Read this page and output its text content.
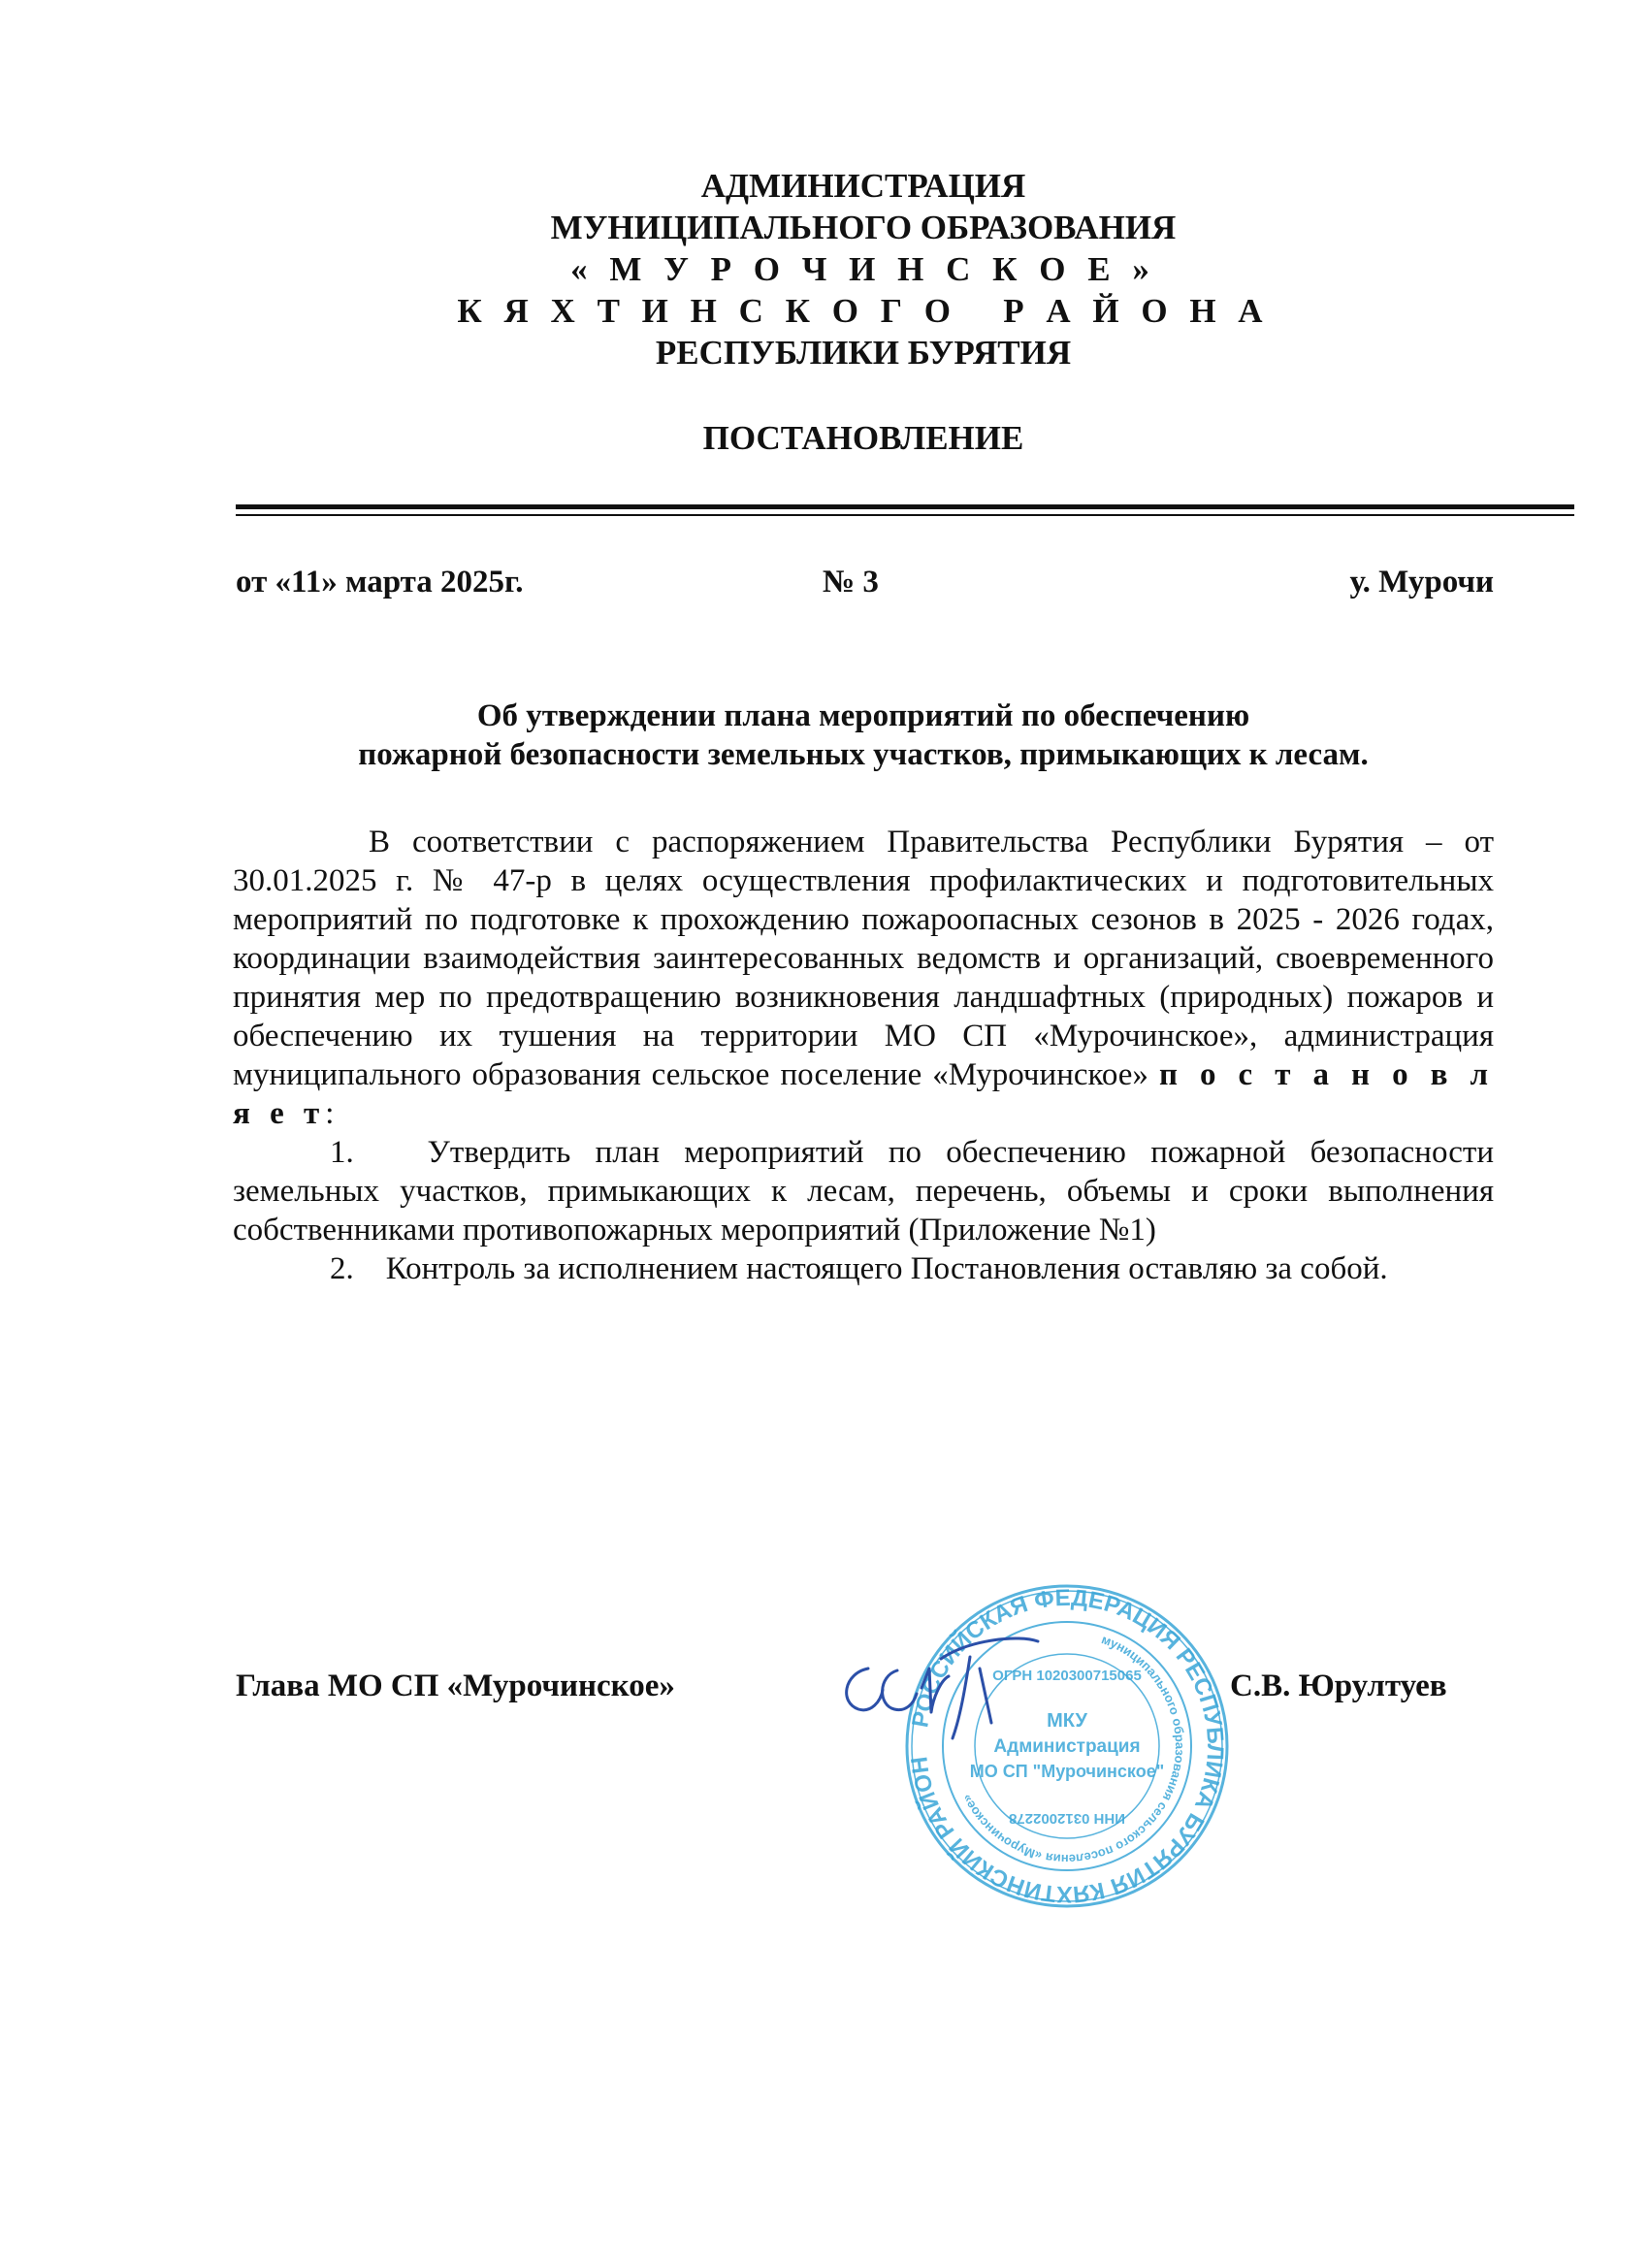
АДМИНИСТРАЦИЯ
МУНИЦИПАЛЬНОГО ОБРАЗОВАНИЯ
« М У Р О Ч И Н С К О Е »
К Я Х Т И Н С К О Г О   Р А Й О Н А
РЕСПУБЛИКИ БУРЯТИЯ
ПОСТАНОВЛЕНИЕ
от «11» марта 2025г.	№ 3	у. Мурочи
Об утверждении плана мероприятий по обеспечению
пожарной безопасности земельных участков, примыкающих к лесам.

В соответствии с распоряжением Правительства Республики Бурятия – от 30.01.2025 г. № 47-р в целях осуществления профилактических и подготовительных мероприятий по подготовке к прохождению пожароопасных сезонов в 2025 - 2026 годах, координации взаимодействия заинтересованных ведомств и организаций, своевременного принятия мер по предотвращению возникновения ландшафтных (природных) пожаров и обеспечению их тушения на территории МО СП «Мурочинское», администрация муниципального образования сельское поселение «Мурочинское» п о с т а н о в л я е т:

1.   Утвердить план мероприятий по обеспечению пожарной безопасности земельных участков, примыкающих к лесам, перечень, объемы и сроки выполнения собственниками противопожарных мероприятий (Приложение №1)

2.    Контроль за исполнением настоящего Постановления оставляю за собой.

Глава МО СП «Мурочинское»
РОССИЙСКАЯ ФЕДЕРАЦИЯ РЕСПУБЛИКА БУРЯТИЯ КЯХТИНСКИЙ РАЙОН
муниципального образования сельского поселения «Мурочинское»
ОГРН 1020300715065
МКУ
Администрация
МО СП "Мурочинское"
ИНН 0312002278
С.В. Юрултуев
